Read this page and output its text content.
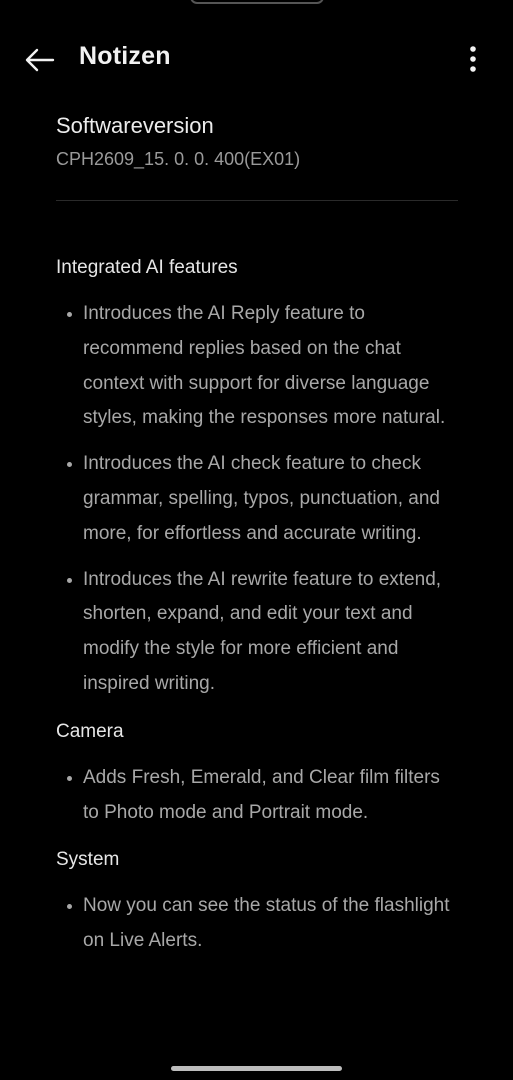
Notizen
Softwareversion
CPH2609_15. 0. 0. 400(EX01)
Integrated AI features
Introduces the AI Reply feature to recommend replies based on the chat context with support for diverse language styles, making the responses more natural.
Introduces the AI check feature to check grammar, spelling, typos, punctuation, and more, for effortless and accurate writing.
Introduces the AI rewrite feature to extend, shorten, expand, and edit your text and modify the style for more efficient and inspired writing.
Camera
Adds Fresh, Emerald, and Clear film filters to Photo mode and Portrait mode.
System
Now you can see the status of the flashlight on Live Alerts.
